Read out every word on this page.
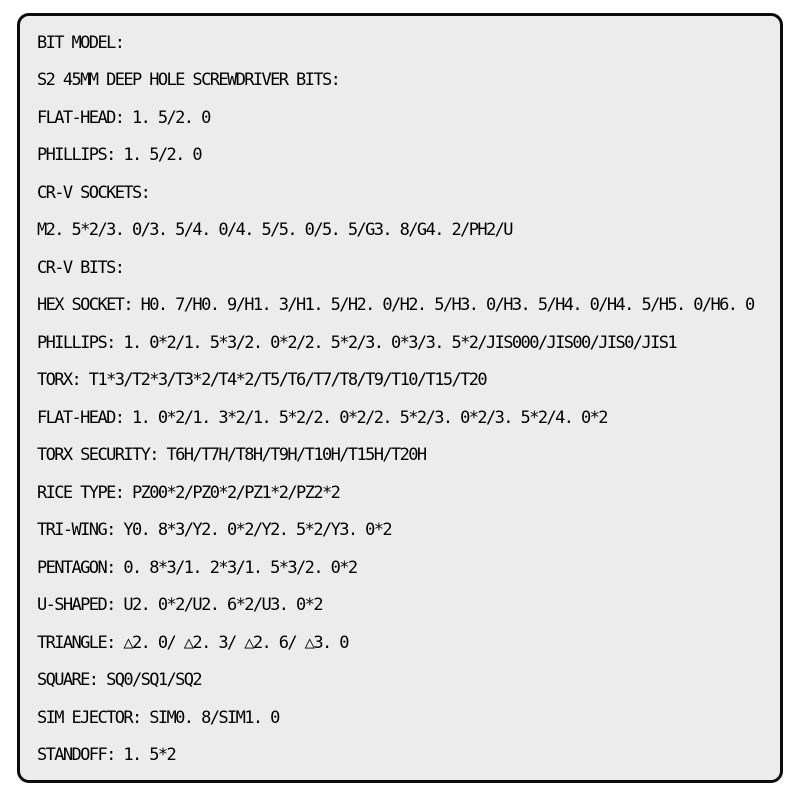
BIT MODEL:
S2 45MM DEEP HOLE SCREWDRIVER BITS:
FLAT-HEAD: 1. 5/2. 0
PHILLIPS: 1. 5/2. 0
CR-V SOCKETS:
M2. 5*2/3. 0/3. 5/4. 0/4. 5/5. 0/5. 5/G3. 8/G4. 2/PH2/U
CR-V BITS:
HEX SOCKET: H0. 7/H0. 9/H1. 3/H1. 5/H2. 0/H2. 5/H3. 0/H3. 5/H4. 0/H4. 5/H5. 0/H6. 0
PHILLIPS: 1. 0*2/1. 5*3/2. 0*2/2. 5*2/3. 0*3/3. 5*2/JIS000/JIS00/JIS0/JIS1
TORX: T1*3/T2*3/T3*2/T4*2/T5/T6/T7/T8/T9/T10/T15/T20
FLAT-HEAD: 1. 0*2/1. 3*2/1. 5*2/2. 0*2/2. 5*2/3. 0*2/3. 5*2/4. 0*2
TORX SECURITY: T6H/T7H/T8H/T9H/T10H/T15H/T20H
RICE TYPE: PZ00*2/PZ0*2/PZ1*2/PZ2*2
TRI-WING: Y0. 8*3/Y2. 0*2/Y2. 5*2/Y3. 0*2
PENTAGON: 0. 8*3/1. 2*3/1. 5*3/2. 0*2
U-SHAPED: U2. 0*2/U2. 6*2/U3. 0*2
TRIANGLE: △2. 0/ △2. 3/ △2. 6/ △3. 0
SQUARE: SQ0/SQ1/SQ2
SIM EJECTOR: SIM0. 8/SIM1. 0
STANDOFF: 1. 5*2
